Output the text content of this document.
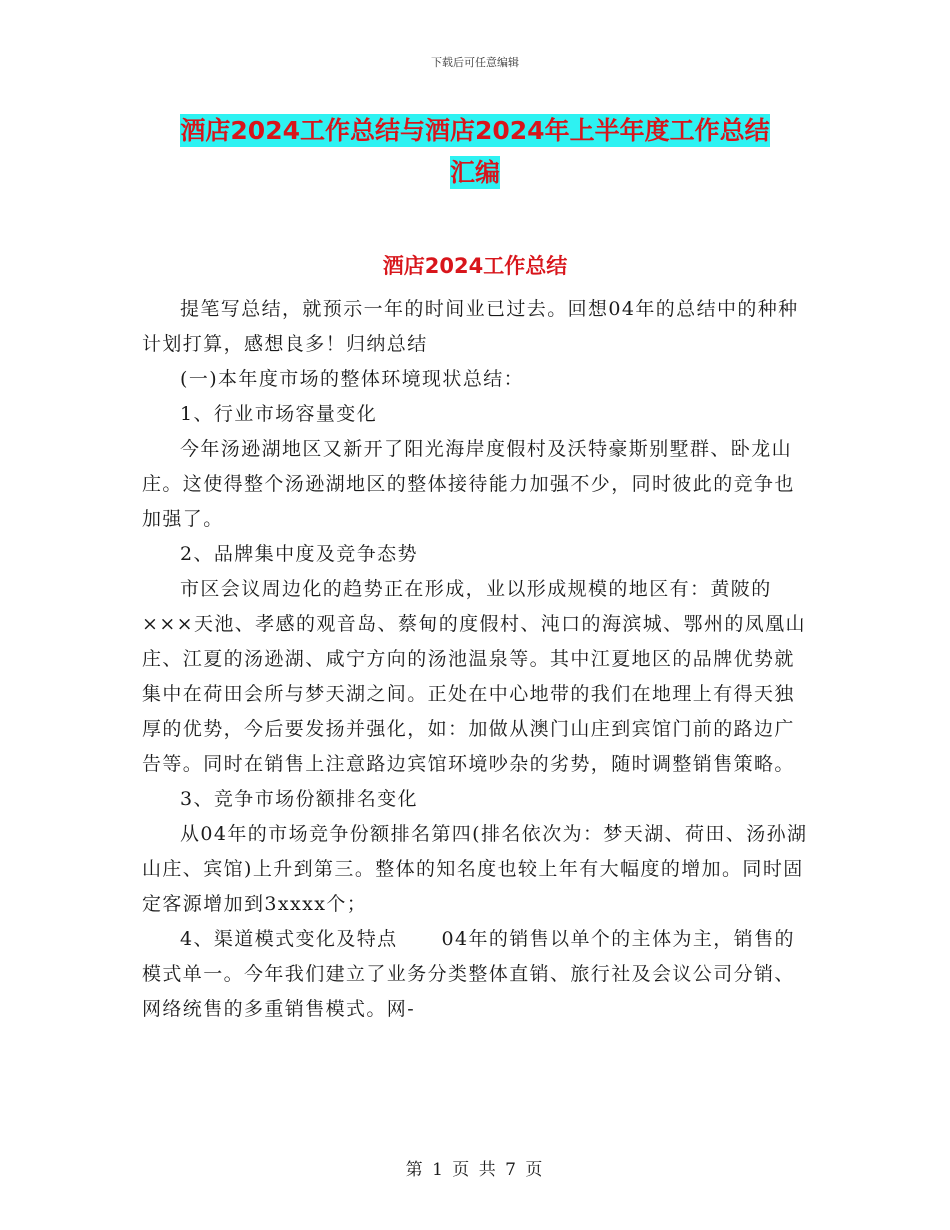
下载后可任意编辑
酒店2024工作总结与酒店2024年上半年度工作总结
汇编
酒店2024工作总结

提笔写总结，就预示一年的时间业已过去。回想04年的总结中的种种计划打算，感想良多！归纳总结

(一)本年度市场的整体环境现状总结：

1、行业市场容量变化

今年汤逊湖地区又新开了阳光海岸度假村及沃特豪斯别墅群、卧龙山庄。这使得整个汤逊湖地区的整体接待能力加强不少，同时彼此的竞争也加强了。

2、品牌集中度及竞争态势

市区会议周边化的趋势正在形成，业以形成规模的地区有：黄陂的×××天池、孝感的观音岛、蔡甸的度假村、沌口的海滨城、鄂州的凤凰山庄、江夏的汤逊湖、咸宁方向的汤池温泉等。其中江夏地区的品牌优势就集中在荷田会所与梦天湖之间。正处在中心地带的我们在地理上有得天独厚的优势，今后要发扬并强化，如：加做从澳门山庄到宾馆门前的路边广告等。同时在销售上注意路边宾馆环境吵杂的劣势，随时调整销售策略。

3、竞争市场份额排名变化

从04年的市场竞争份额排名第四(排名依次为：梦天湖、荷田、汤孙湖山庄、宾馆)上升到第三。整体的知名度也较上年有大幅度的增加。同时固定客源增加到3xxxx个；

4、渠道模式变化及特点 04年的销售以单个的主体为主，销售的模式单一。今年我们建立了业务分类整体直销、旅行社及会议公司分销、网络统售的多重销售模式。网-

第 1 页 共 7 页
